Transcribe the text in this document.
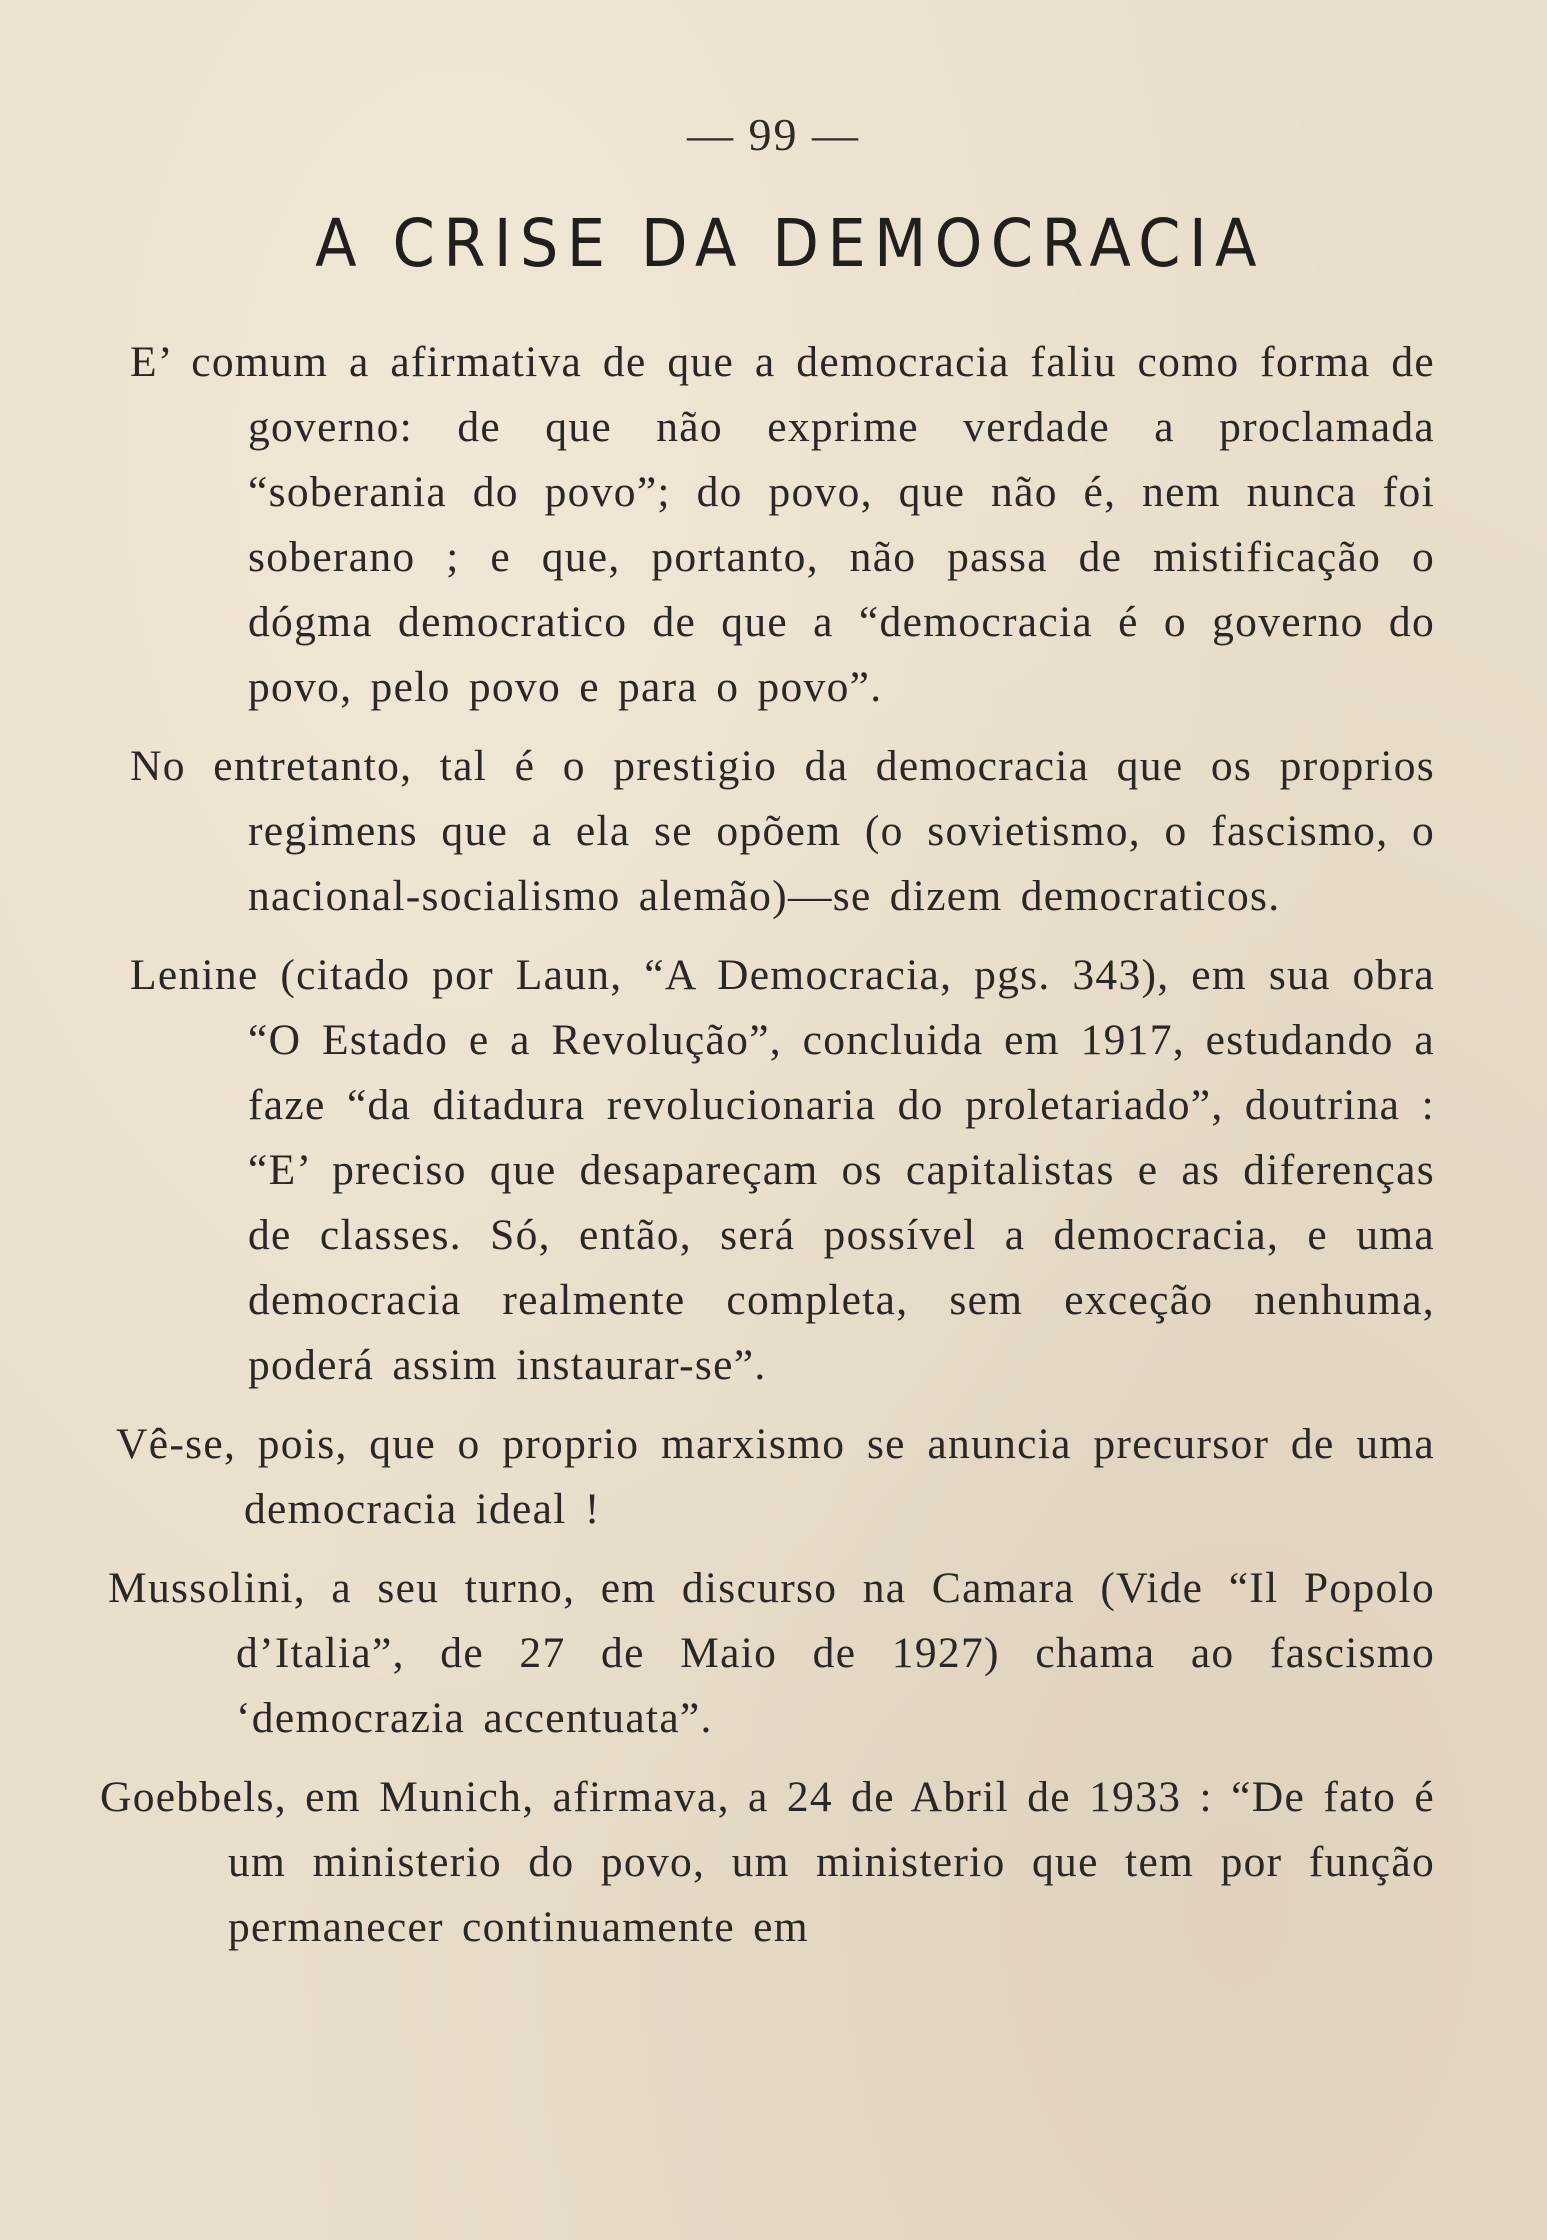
— 99 —
A CRISE DA DEMOCRACIA

E’ comum a afirmativa de que a democracia faliu como forma de governo: de que não exprime verdade a proclamada “soberania do povo”; do povo, que não é, nem nunca foi soberano ; e que, portanto, não passa de mistificação o dógma democratico de que a “democracia é o governo do povo, pelo povo e para o povo”.

No entretanto, tal é o prestigio da democracia que os proprios regimens que a ela se opõem (o sovietismo, o fascismo, o nacional-socialismo alemão)—se dizem democraticos.

Lenine (citado por Laun, “A Democracia, pgs. 343), em sua obra “O Estado e a Revolução”, concluida em 1917, estudando a faze “da ditadura revolucionaria do proletariado”, doutrina : “E’ preciso que desapareçam os capitalistas e as diferenças de classes. Só, então, será possível a democracia, e uma democracia realmente completa, sem exceção nenhuma, poderá assim instaurar-se”.

Vê-se, pois, que o proprio marxismo se anuncia precursor de uma democracia ideal !

Mussolini, a seu turno, em discurso na Camara (Vide “Il Popolo d’Italia”, de 27 de Maio de 1927) chama ao fascismo ‘democrazia accentuata”.

Goebbels, em Munich, afirmava, a 24 de Abril de 1933 : “De fato é um ministerio do povo, um ministerio que tem por função permanecer continuamente em
